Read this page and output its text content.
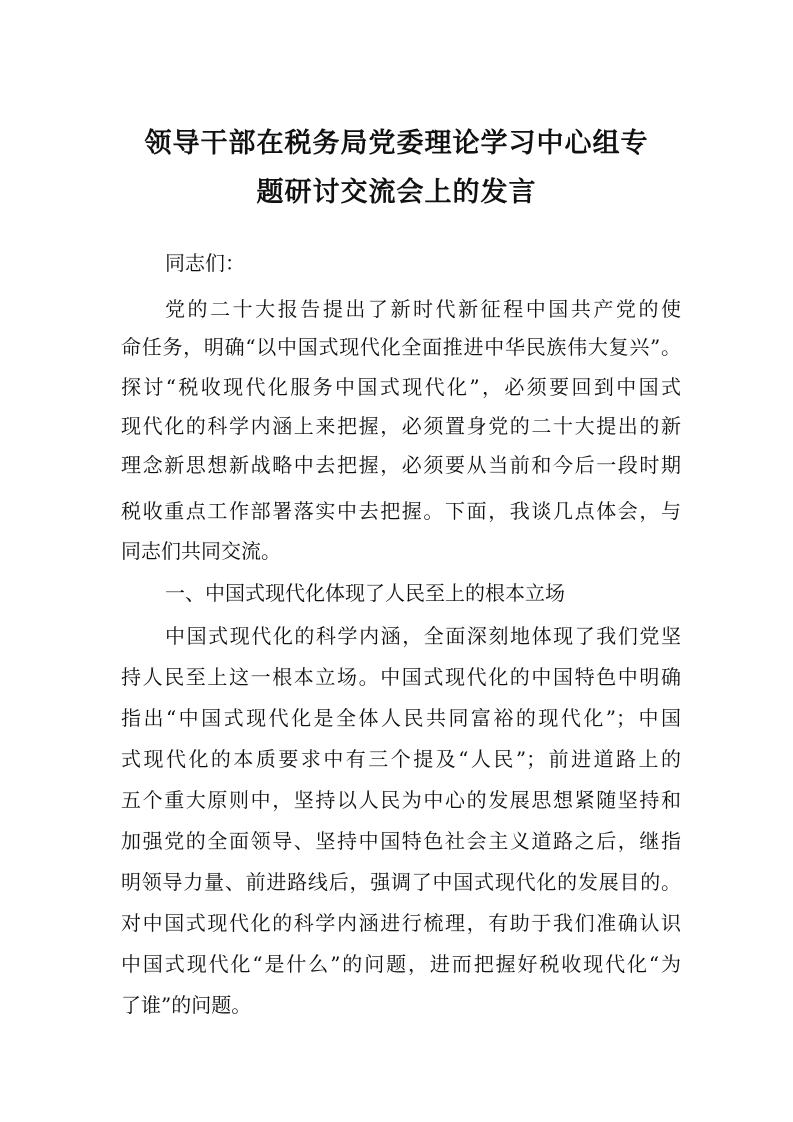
领导干部在税务局党委理论学习中心组专
题研讨交流会上的发言

同志们：

党的二十大报告提出了新时代新征程中国共产党的使

命任务，明确“以中国式现代化全面推进中华民族伟大复兴”。

探讨“税收现代化服务中国式现代化”，必须要回到中国式

现代化的科学内涵上来把握，必须置身党的二十大提出的新

理念新思想新战略中去把握，必须要从当前和今后一段时期

税收重点工作部署落实中去把握。下面，我谈几点体会，与

同志们共同交流。

一、中国式现代化体现了人民至上的根本立场

中国式现代化的科学内涵，全面深刻地体现了我们党坚

持人民至上这一根本立场。中国式现代化的中国特色中明确

指出“中国式现代化是全体人民共同富裕的现代化”；中国

式现代化的本质要求中有三个提及“人民”；前进道路上的

五个重大原则中，坚持以人民为中心的发展思想紧随坚持和

加强党的全面领导、坚持中国特色社会主义道路之后，继指

明领导力量、前进路线后，强调了中国式现代化的发展目的。

对中国式现代化的科学内涵进行梳理，有助于我们准确认识

中国式现代化“是什么”的问题，进而把握好税收现代化“为

了谁”的问题。
